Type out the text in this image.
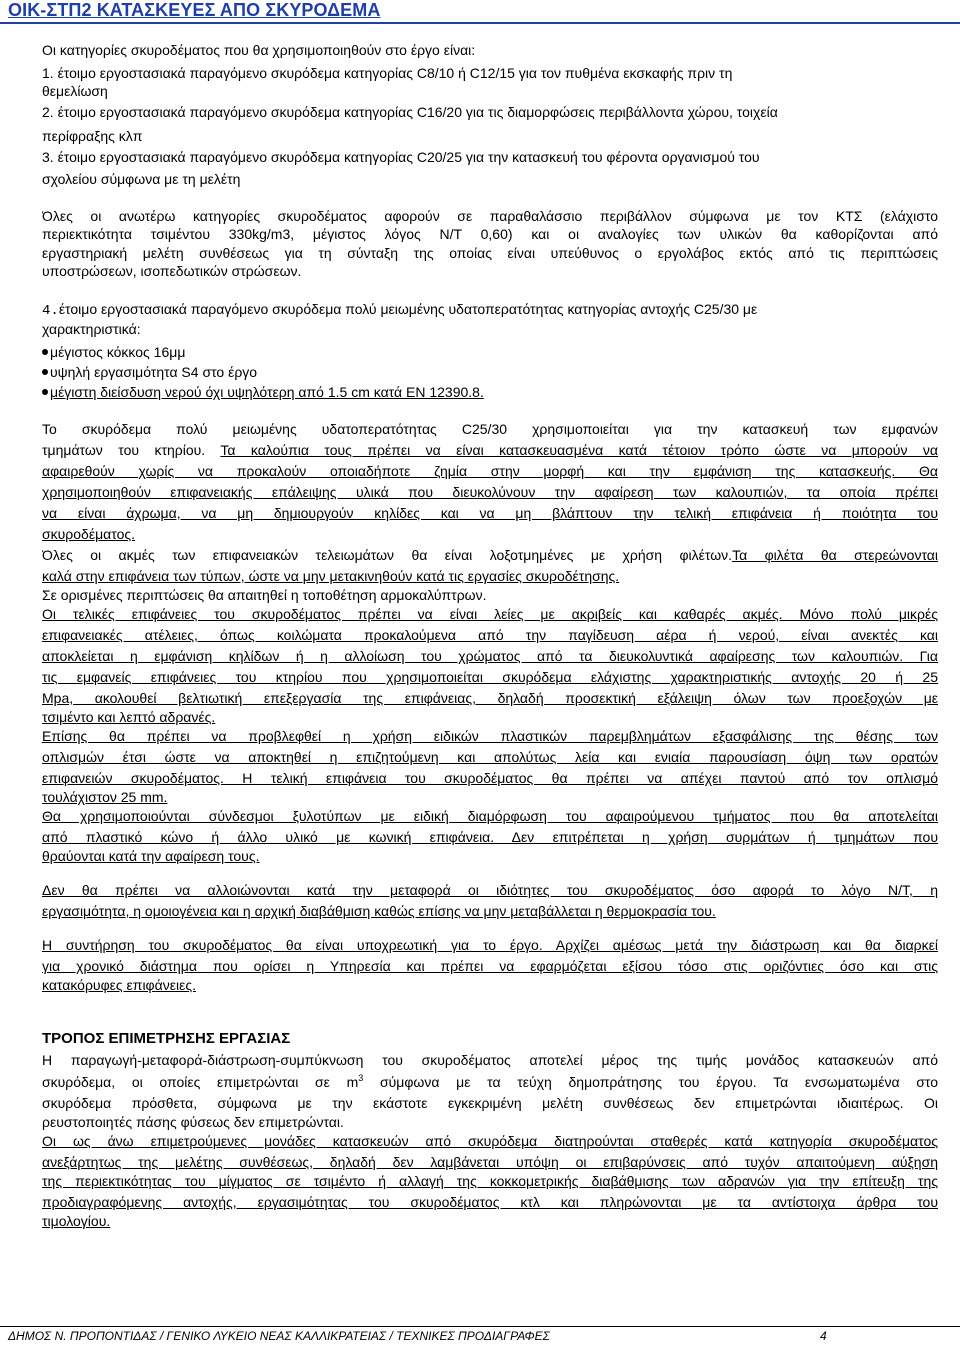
ΟΙΚ-ΣΤΠ2 ΚΑΤΑΣΚΕΥΕΣ ΑΠΟ ΣΚΥΡΟΔΕΜΑ
Οι κατηγορίες σκυροδέματος που θα χρησιμοποιηθούν στο έργο είναι:
1. έτοιμο εργοστασιακά παραγόμενο σκυρόδεμα κατηγορίας C8/10 ή C12/15 για τον πυθμένα εκσκαφής πριν τη
θεμελίωση
2. έτοιμο εργοστασιακά παραγόμενο σκυρόδεμα κατηγορίας C16/20 για τις διαμορφώσεις περιβάλλοντα χώρου, τοιχεία
περίφραξης κλπ
3. έτοιμο εργοστασιακά παραγόμενο σκυρόδεμα κατηγορίας C20/25 για την κατασκευή του φέροντα οργανισμού του
σχολείου σύμφωνα με τη μελέτη
Όλες οι ανωτέρω κατηγορίες σκυροδέματος αφορούν σε παραθαλάσσιο περιβάλλον σύμφωνα με τον ΚΤΣ (ελάχιστο
περιεκτικότητα τσιμέντου 330kg/m3, μέγιστος λόγος Ν/Τ 0,60) και οι αναλογίες των υλικών θα καθορίζονται από
εργαστηριακή μελέτη συνθέσεως για τη σύνταξη της οποίας είναι υπεύθυνος ο εργολάβος εκτός από τις περιπτώσεις
υποστρώσεων, ισοπεδωτικών στρώσεων.
4.έτοιμο εργοστασιακά παραγόμενο σκυρόδεμα πολύ μειωμένης υδατοπερατότητας κατηγορίας αντοχής C25/30 με
χαρακτηριστικά:
μέγιστος κόκκος 16μμ
υψηλή εργασιμότητα S4 στο έργο
μέγιστη διείσδυση νερού όχι υψηλότερη από 1.5 cm κατά ΕΝ 12390.8.
Το σκυρόδεμα πολύ μειωμένης υδατοπερατότητας C25/30 χρησιμοποιείται για την κατασκευή των εμφανών
τμημάτων του κτηρίου. Τα καλούπια τους πρέπει να είναι κατασκευασμένα κατά τέτοιον τρόπο ώστε να μπορούν να
αφαιρεθούν χωρίς να προκαλούν οποιαδήποτε ζημία στην μορφή και την εμφάνιση της κατασκευής. Θα
χρησιμοποιηθούν επιφανειακής επάλειψης υλικά που διευκολύνουν την αφαίρεση των καλουπιών, τα οποία πρέπει
να είναι άχρωμα, να μη δημιουργούν κηλίδες και να μη βλάπτουν την τελική επιφάνεια ή ποιότητα του
σκυροδέματος.
Όλες οι ακμές των επιφανειακών τελειωμάτων θα είναι λοξοτμημένες με χρήση φιλέτων.Τα φιλέτα θα στερεώνονται
καλά στην επιφάνεια των τύπων, ώστε να μην μετακινηθούν κατά τις εργασίες σκυροδέτησης.
Σε ορισμένες περιπτώσεις θα απαιτηθεί η τοποθέτηση αρμοκαλύπτρων.
Οι τελικές επιφάνειες του σκυροδέματος πρέπει να είναι λείες με ακριβείς και καθαρές ακμές. Μόνο πολύ μικρές
επιφανειακές ατέλειες, όπως κοιλώματα προκαλούμενα από την παγίδευση αέρα ή νερού, είναι ανεκτές και
αποκλείεται η εμφάνιση κηλίδων ή η αλλοίωση του χρώματος από τα διευκολυντικά αφαίρεσης των καλουπιών. Για
τις εμφανείς επιφάνειες του κτηρίου που χρησιμοποιείται σκυρόδεμα ελάχιστης χαρακτηριστικής αντοχής 20 ή 25
Mpa, ακολουθεί βελτιωτική επεξεργασία της επιφάνειας, δηλαδή προσεκτική εξάλειψη όλων των προεξοχών με
τσιμέντο και λεπτό αδρανές.
Επίσης θα πρέπει να προβλεφθεί η χρήση ειδικών πλαστικών παρεμβλημάτων εξασφάλισης της θέσης των
οπλισμών έτσι ώστε να αποκτηθεί η επιζητούμενη και απολύτως λεία και ενιαία παρουσίαση όψη των ορατών
επιφανειών σκυροδέματος. Η τελική επιφάνεια του σκυροδέματος θα πρέπει να απέχει παντού από τον οπλισμό
τουλάχιστον 25 mm.
Θα χρησιμοποιούνται σύνδεσμοι ξυλοτύπων με ειδική διαμόρφωση του αφαιρούμενου τμήματος που θα αποτελείται
από πλαστικό κώνο ή άλλο υλικό με κωνική επιφάνεια. Δεν επιτρέπεται η χρήση συρμάτων ή τμημάτων που
θραύονται κατά την αφαίρεση τους.
Δεν θα πρέπει να αλλοιώνονται κατά την μεταφορά οι ιδιότητες του σκυροδέματος όσο αφορά το λόγο Ν/Τ, η
εργασιμότητα, η ομοιογένεια και η αρχική διαβάθμιση καθώς επίσης να μην μεταβάλλεται η θερμοκρασία του.
Η συντήρηση του σκυροδέματος θα είναι υποχρεωτική για το έργο. Αρχίζει αμέσως μετά την διάστρωση και θα διαρκεί
για χρονικό διάστημα που ορίσει η Υπηρεσία και πρέπει να εφαρμόζεται εξίσου τόσο στις οριζόντιες όσο και στις
κατακόρυφες επιφάνειες.
ΤΡΟΠΟΣ ΕΠΙΜΕΤΡΗΣΗΣ ΕΡΓΑΣΙΑΣ
Η παραγωγή-μεταφορά-διάστρωση-συμπύκνωση του σκυροδέματος αποτελεί μέρος της τιμής μονάδος κατασκευών από
σκυρόδεμα, οι οποίες επιμετρώνται σε $m^3$ σύμφωνα με τα τεύχη δημοπράτησης του έργου. Τα ενσωματωμένα στο
σκυρόδεμα πρόσθετα, σύμφωνα με την εκάστοτε εγκεκριμένη μελέτη συνθέσεως δεν επιμετρώνται ιδιαιτέρως. Οι
ρευστοποιητές πάσης φύσεως δεν επιμετρώνται.
Οι ως άνω επιμετρούμενες μονάδες κατασκευών από σκυρόδεμα διατηρούνται σταθερές κατά κατηγορία σκυροδέματος
ανεξάρτητως της μελέτης συνθέσεως, δηλαδή δεν λαμβάνεται υπόψη οι επιβαρύνσεις από τυχόν απαιτούμενη αύξηση
της περιεκτικότητας του μίγματος σε τσιμέντο ή αλλαγή της κοκκομετρικής διαβάθμισης των αδρανών για την επίτευξη της
προδιαγραφόμενης αντοχής, εργασιμότητας του σκυροδέματος κτλ και πληρώνονται με τα αντίστοιχα άρθρα του
τιμολογίου.
ΔΗΜΟΣ Ν. ΠΡΟΠΟΝΤΙΔΑΣ / ΓΕΝΙΚΟ ΛΥΚΕΙΟ ΝΕΑΣ ΚΑΛΛΙΚΡΑΤΕΙΑΣ / ΤΕΧΝΙΚΕΣ ΠΡΟΔΙΑΓΡΑΦΕΣ	4
